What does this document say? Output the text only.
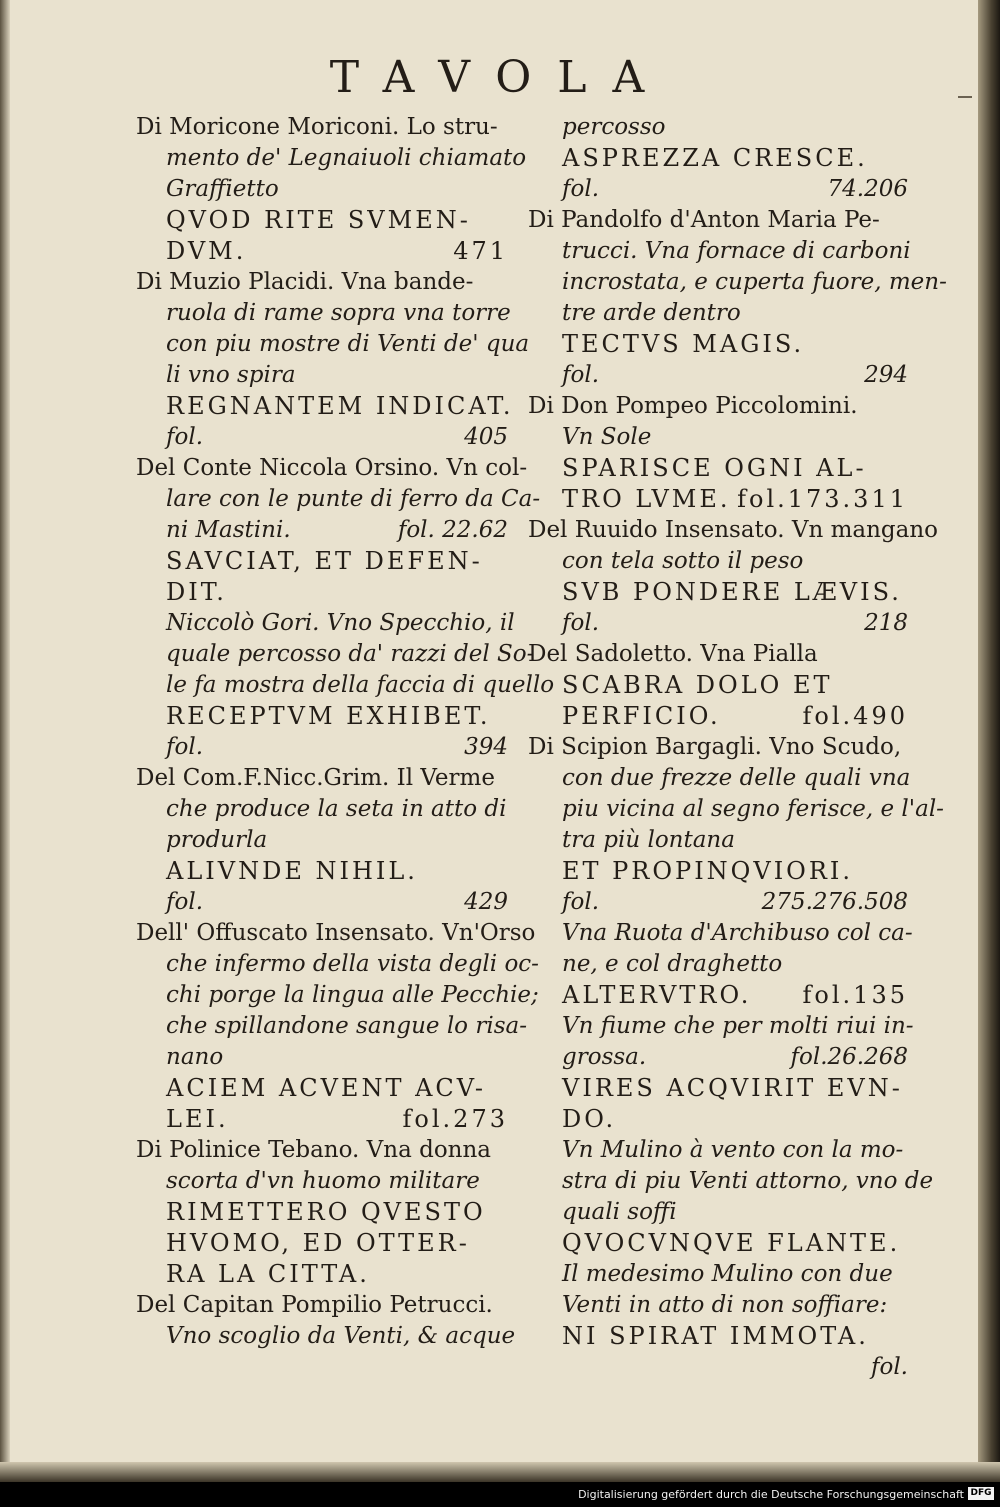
TAVOLA
Di Moricone Moriconi. Lo stru-
mento de' Legnaiuoli chiamato
Graffietto
QVOD RITE SVMEN-
DVM.	471
Di Muzio Placidi. Vna bande-
ruola di rame sopra vna torre
con piu mostre di Venti de' qua
li vno spira
REGNANTEM INDICAT.
fol.	405
Del Conte Niccola Orsino. Vn col-
lare con le punte di ferro da Ca-
ni Mastini.	fol. 22.62
SAVCIAT, ET DEFEN-
DIT.
Niccolò Gori. Vno Specchio, il
quale percosso da' razzi del So-
le fa mostra della faccia di quello
RECEPTVM EXHIBET.
fol.	394
Del Com.F.Nicc.Grim. Il Verme
che produce la seta in atto di
produrla
ALIVNDE NIHIL.
fol.	429
Dell' Offuscato Insensato. Vn'Orso
che infermo della vista degli oc-
chi porge la lingua alle Pecchie;
che spillandone sangue lo risa-
nano
ACIEM ACVENT ACV-
LEI.	fol.273
Di Polinice Tebano. Vna donna
scorta d'vn huomo militare
RIMETTERO QVESTO
HVOMO, ED OTTER-
RA LA CITTA.
Del Capitan Pompilio Petrucci.
Vno scoglio da Venti, & acque
percosso
ASPREZZA CRESCE.
fol.	74.206
Di Pandolfo d'Anton Maria Pe-
trucci. Vna fornace di carboni
incrostata, e cuperta fuore, men-
tre arde dentro
TECTVS MAGIS.
fol.	294
Di Don Pompeo Piccolomini.
Vn Sole
SPARISCE OGNI AL-
TRO LVME. fol.173.311
Del Ruuido Insensato. Vn mangano
con tela sotto il peso
SVB PONDERE LÆVIS.
fol.	218
Del Sadoletto. Vna Pialla
SCABRA DOLO ET
PERFICIO.	fol.490
Di Scipion Bargagli. Vno Scudo,
con due frezze delle quali vna
piu vicina al segno ferisce, e l'al-
tra più lontana
ET PROPINQVIORI.
fol.	275.276.508
Vna Ruota d'Archibuso col ca-
ne, e col draghetto
ALTERVTRO. fol.135
Vn fiume che per molti riui in-
grossa.	fol.26.268
VIRES ACQVIRIT EVN-
DO.
Vn Mulino à vento con la mo-
stra di piu Venti attorno, vno de
quali soffi
QVOCVNQVE FLANTE.
Il medesimo Mulino con due
Venti in atto di non soffiare:
NI SPIRAT IMMOTA.
fol.
Digitalisierung gefördert durch die Deutsche Forschungsgemeinschaft DFG
